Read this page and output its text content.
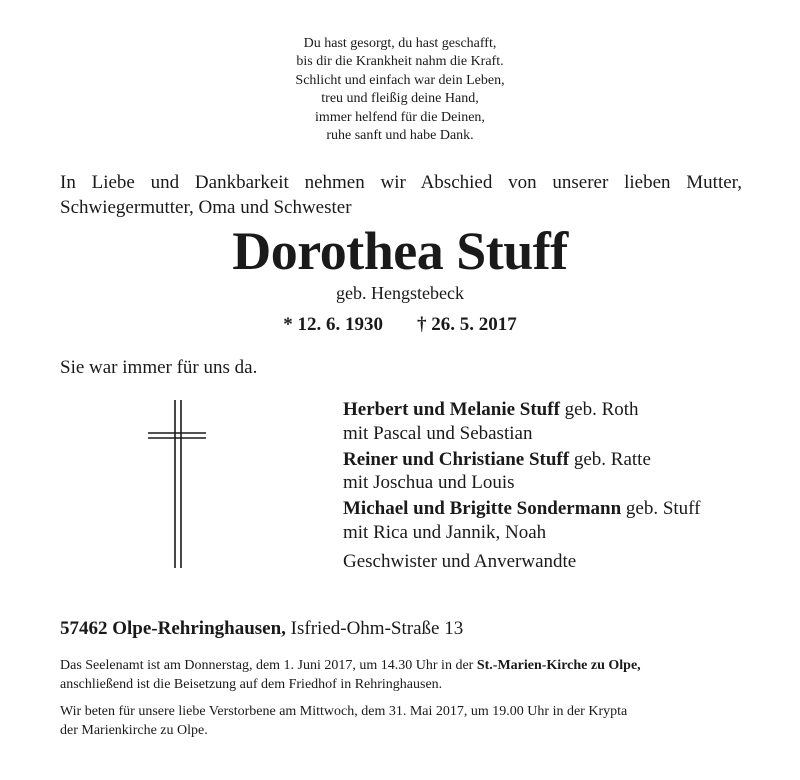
Du hast gesorgt, du hast geschafft,
bis dir die Krankheit nahm die Kraft.
Schlicht und einfach war dein Leben,
treu und fleißig deine Hand,
immer helfend für die Deinen,
ruhe sanft und habe Dank.
In Liebe und Dankbarkeit nehmen wir Abschied von unserer lieben Mutter,
Schwiegermutter, Oma und Schwester
Dorothea Stuff
geb. Hengstebeck
* 12. 6. 1930 † 26. 5. 2017
Sie war immer für uns da.
Herbert und Melanie Stuff geb. Roth
mit Pascal und Sebastian
Reiner und Christiane Stuff geb. Ratte
mit Joschua und Louis
Michael und Brigitte Sondermann geb. Stuff
mit Rica und Jannik, Noah
Geschwister und Anverwandte
57462 Olpe-Rehringhausen, Isfried-Ohm-Straße 13
Das Seelenamt ist am Donnerstag, dem 1. Juni 2017, um 14.30 Uhr in der St.-Marien-Kirche zu Olpe,
anschließend ist die Beisetzung auf dem Friedhof in Rehringhausen.
Wir beten für unsere liebe Verstorbene am Mittwoch, dem 31. Mai 2017, um 19.00 Uhr in der Krypta
der Marienkirche zu Olpe.
